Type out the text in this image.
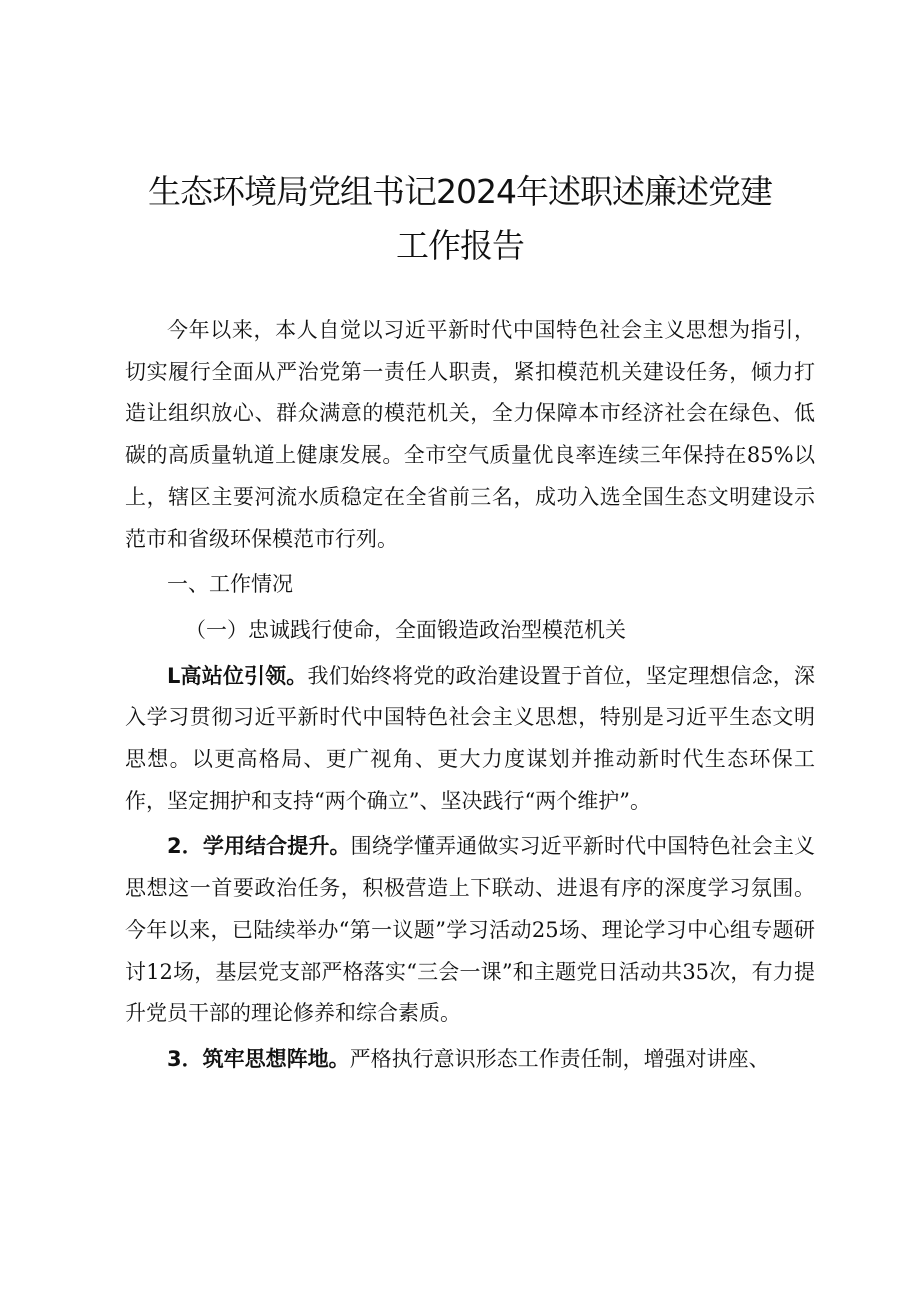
生态环境局党组书记2024年述职述廉述党建
工作报告

今年以来，本人自觉以习近平新时代中国特色社会主义思想为指引，切实履行全面从严治党第一责任人职责，紧扣模范机关建设任务，倾力打造让组织放心、群众满意的模范机关，全力保障本市经济社会在绿色、低碳的高质量轨道上健康发展。全市空气质量优良率连续三年保持在85%以上，辖区主要河流水质稳定在全省前三名，成功入选全国生态文明建设示范市和省级环保模范市行列。

一、工作情况

（一）忠诚践行使命，全面锻造政治型模范机关

L高站位引领。我们始终将党的政治建设置于首位，坚定理想信念，深入学习贯彻习近平新时代中国特色社会主义思想，特别是习近平生态文明思想。以更高格局、更广视角、更大力度谋划并推动新时代生态环保工作，坚定拥护和支持“两个确立”、坚决践行“两个维护”。

2．学用结合提升。围绕学懂弄通做实习近平新时代中国特色社会主义思想这一首要政治任务，积极营造上下联动、进退有序的深度学习氛围。今年以来，已陆续举办“第一议题”学习活动25场、理论学习中心组专题研讨12场，基层党支部严格落实“三会一课”和主题党日活动共35次，有力提升党员干部的理论修养和综合素质。

3．筑牢思想阵地。严格执行意识形态工作责任制，增强对讲座、
